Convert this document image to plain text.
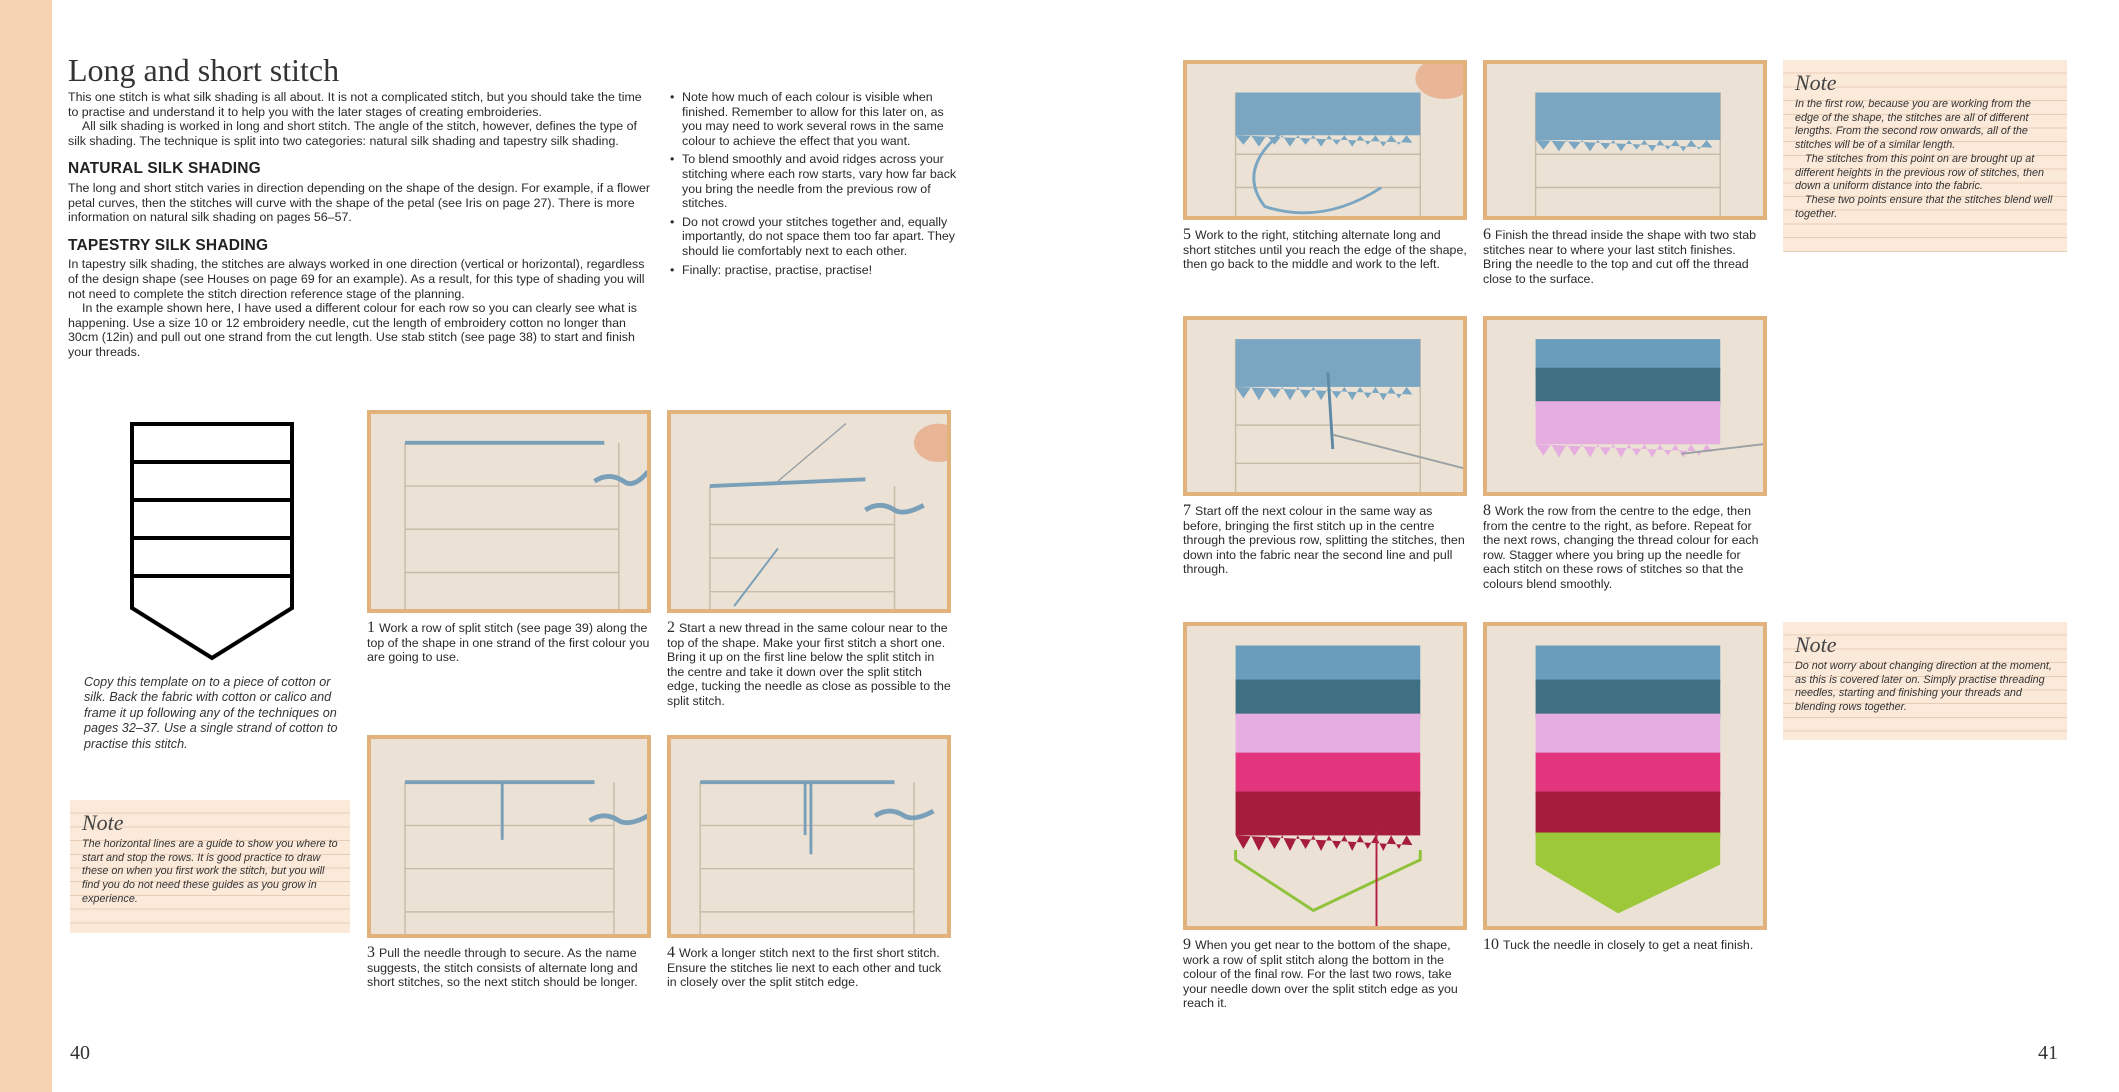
Long and short stitch

This one stitch is what silk shading is all about. It is not a complicated stitch, but you should take the time to practise and understand it to help you with the later stages of creating embroideries.

All silk shading is worked in long and short stitch. The angle of the stitch, however, defines the type of silk shading. The technique is split into two categories: natural silk shading and tapestry silk shading.

NATURAL SILK SHADING

The long and short stitch varies in direction depending on the shape of the design. For example, if a flower petal curves, then the stitches will curve with the shape of the petal (see Iris on page 27). There is more information on natural silk shading on pages 56–57.

TAPESTRY SILK SHADING

In tapestry silk shading, the stitches are always worked in one direction (vertical or horizontal), regardless of the design shape (see Houses on page 69 for an example). As a result, for this type of shading you will not need to complete the stitch direction reference stage of the planning.

In the example shown here, I have used a different colour for each row so you can clearly see what is happening. Use a size 10 or 12 embroidery needle, cut the length of embroidery cotton no longer than 30cm (12in) and pull out one strand from the cut length. Use stab stitch (see page 38) to start and finish your threads.

• Note how much of each colour is visible when finished. Remember to allow for this later on, as you may need to work several rows in the same colour to achieve the effect that you want.
• To blend smoothly and avoid ridges across your stitching where each row starts, vary how far back you bring the needle from the previous row of stitches.
• Do not crowd your stitches together and, equally importantly, do not space them too far apart. They should lie comfortably next to each other.
• Finally: practise, practise, practise!
Copy this template on to a piece of cotton or silk. Back the fabric with cotton or calico and frame it up following any of the techniques on pages 32–37. Use a single strand of cotton to practise this stitch.

Note

The horizontal lines are a guide to show you where to start and stop the rows. It is good practice to draw these on when you first work the stitch, but you will find you do not need these guides as you grow in experience.

1 Work a row of split stitch (see page 39) along the top of the shape in one strand of the first colour you are going to use.
2 Start a new thread in the same colour near to the top of the shape. Make your first stitch a short one. Bring it up on the first line below the split stitch in the centre and take it down over the split stitch edge, tucking the needle as close as possible to the split stitch.
3 Pull the needle through to secure. As the name suggests, the stitch consists of alternate long and short stitches, so the next stitch should be longer.
4 Work a longer stitch next to the first short stitch. Ensure the stitches lie next to each other and tuck in closely over the split stitch edge.
5 Work to the right, stitching alternate long and short stitches until you reach the edge of the shape, then go back to the middle and work to the left.
6 Finish the thread inside the shape with two stab stitches near to where your last stitch finishes. Bring the needle to the top and cut off the thread close to the surface.
7 Start off the next colour in the same way as before, bringing the first stitch up in the centre through the previous row, splitting the stitches, then down into the fabric near the second line and pull through.
8 Work the row from the centre to the edge, then from the centre to the right, as before. Repeat for the next rows, changing the thread colour for each row. Stagger where you bring up the needle for each stitch on these rows of stitches so that the colours blend smoothly.
9 When you get near to the bottom of the shape, work a row of split stitch along the bottom in the colour of the final row. For the last two rows, take your needle down over the split stitch edge as you reach it.
10 Tuck the needle in closely to get a neat finish.

Note

In the first row, because you are working from the edge of the shape, the stitches are all of different lengths. From the second row onwards, all of the stitches will be of a similar length.

The stitches from this point on are brought up at different heights in the previous row of stitches, then down a uniform distance into the fabric.

These two points ensure that the stitches blend well together.

Note

Do not worry about changing direction at the moment, as this is covered later on. Simply practise threading needles, starting and finishing your threads and blending rows together.

40	41
